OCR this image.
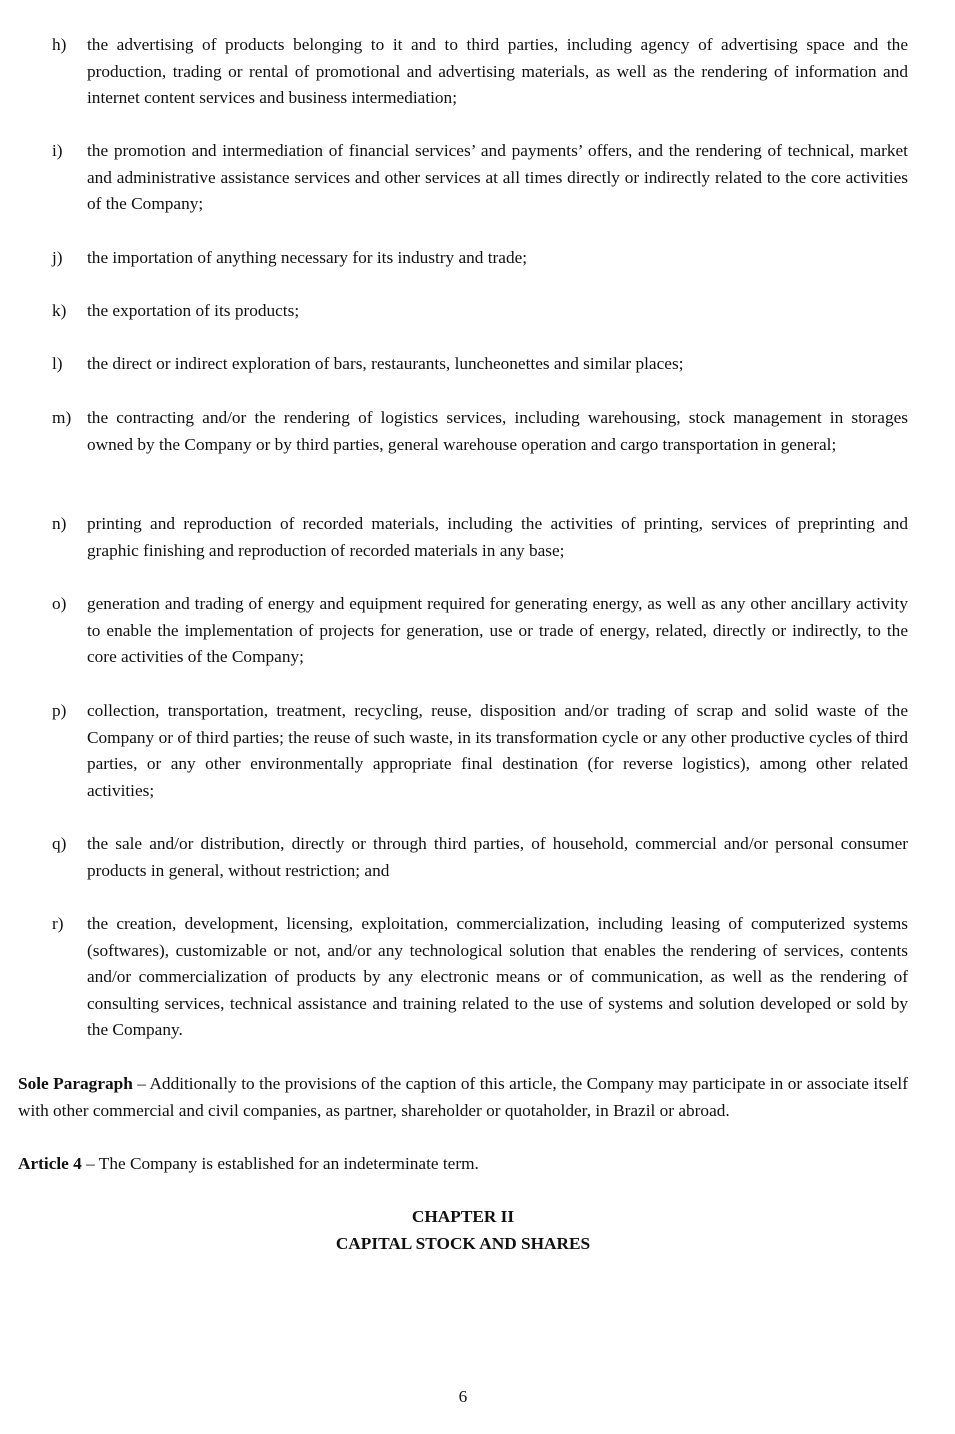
h) the advertising of products belonging to it and to third parties, including agency of advertising space and the production, trading or rental of promotional and advertising materials, as well as the rendering of information and internet content services and business intermediation;
i) the promotion and intermediation of financial services’ and payments’ offers, and the rendering of technical, market and administrative assistance services and other services at all times directly or indirectly related to the core activities of the Company;
j) the importation of anything necessary for its industry and trade;
k) the exportation of its products;
l) the direct or indirect exploration of bars, restaurants, luncheonettes and similar places;
m) the contracting and/or the rendering of logistics services, including warehousing, stock management in storages owned by the Company or by third parties, general warehouse operation and cargo transportation in general;
n) printing and reproduction of recorded materials, including the activities of printing, services of preprinting and graphic finishing and reproduction of recorded materials in any base;
o) generation and trading of energy and equipment required for generating energy, as well as any other ancillary activity to enable the implementation of projects for generation, use or trade of energy, related, directly or indirectly, to the core activities of the Company;
p) collection, transportation, treatment, recycling, reuse, disposition and/or trading of scrap and solid waste of the Company or of third parties; the reuse of such waste, in its transformation cycle or any other productive cycles of third parties, or any other environmentally appropriate final destination (for reverse logistics), among other related activities;
q) the sale and/or distribution, directly or through third parties, of household, commercial and/or personal consumer products in general, without restriction; and
r) the creation, development, licensing, exploitation, commercialization, including leasing of computerized systems (softwares), customizable or not, and/or any technological solution that enables the rendering of services, contents and/or commercialization of products by any electronic means or of communication, as well as the rendering of consulting services, technical assistance and training related to the use of systems and solution developed or sold by the Company.
Sole Paragraph – Additionally to the provisions of the caption of this article, the Company may participate in or associate itself with other commercial and civil companies, as partner, shareholder or quotaholder, in Brazil or abroad.
Article 4 – The Company is established for an indeterminate term.
CHAPTER II
CAPITAL STOCK AND SHARES
6
